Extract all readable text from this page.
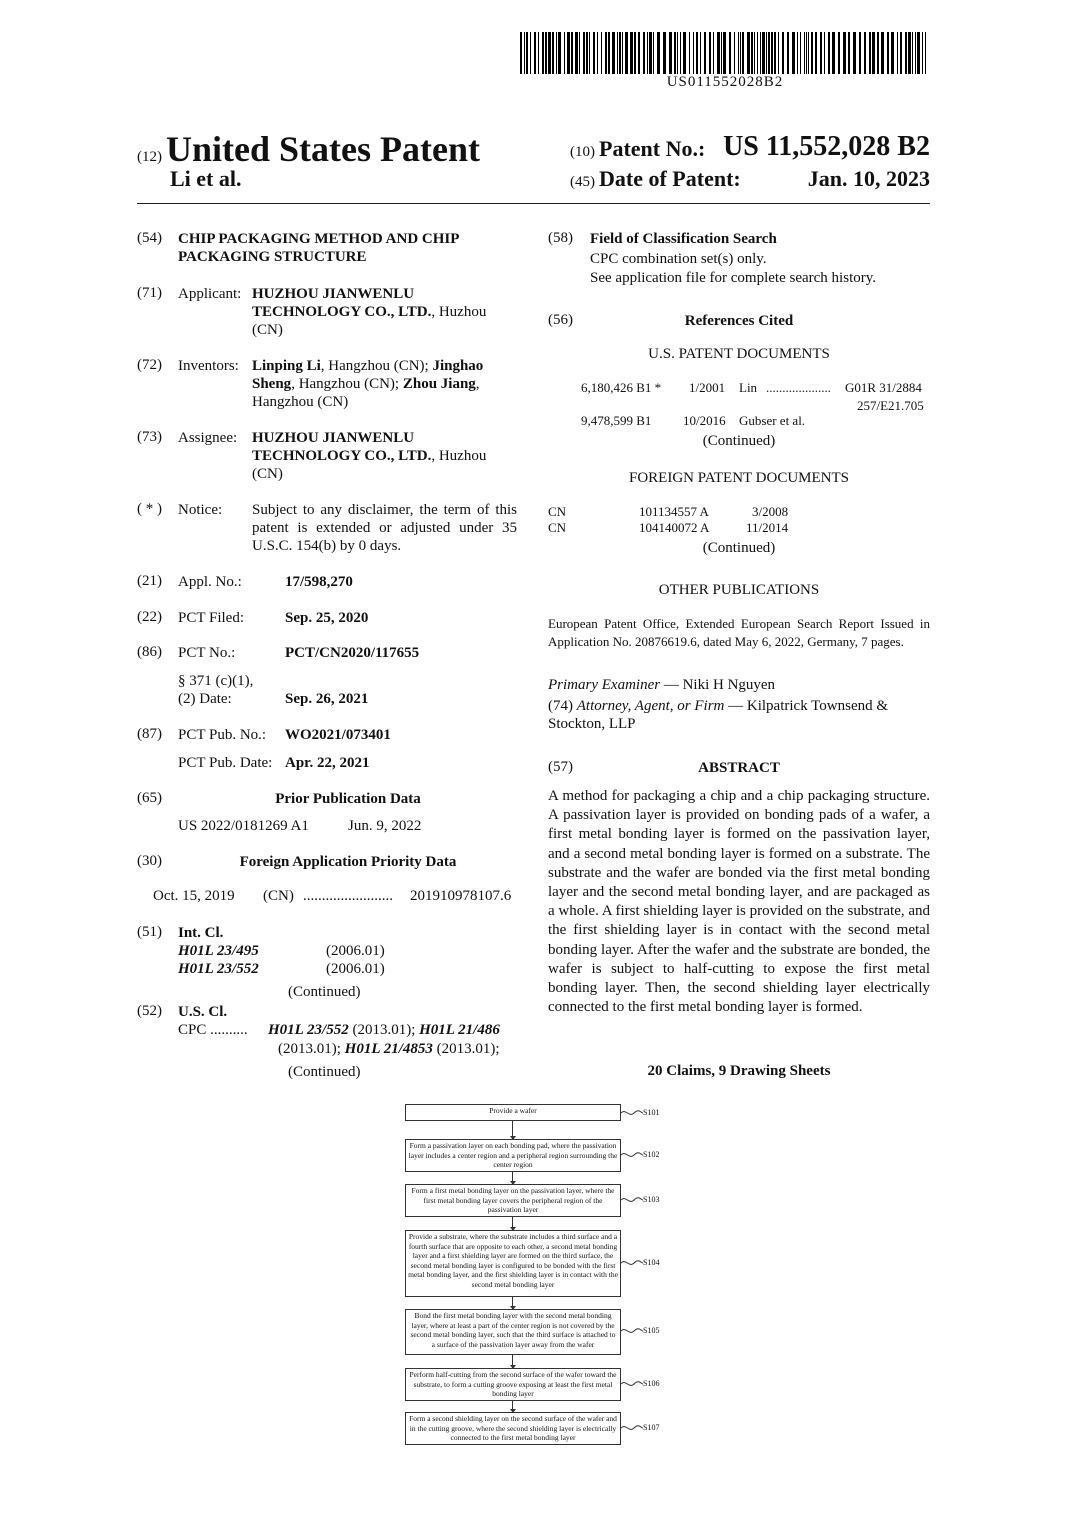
US011552028B2
(12) United States Patent
Li et al.
(10) Patent No.: US 11,552,028 B2
(45) Date of Patent:	Jan. 10, 2023
(54) CHIP PACKAGING METHOD AND CHIP PACKAGING STRUCTURE
(71) Applicant: HUZHOU JIANWENLU TECHNOLOGY CO., LTD., Huzhou (CN)
(72) Inventors: Linping Li, Hangzhou (CN); Jinghao Sheng, Hangzhou (CN); Zhou Jiang, Hangzhou (CN)
(73) Assignee: HUZHOU JIANWENLU TECHNOLOGY CO., LTD., Huzhou (CN)
( * ) Notice: Subject to any disclaimer, the term of this patent is extended or adjusted under 35 U.S.C. 154(b) by 0 days.
(21) Appl. No.:	17/598,270
(22) PCT Filed:	Sep. 25, 2020
(86) PCT No.:	PCT/CN2020/117655
§ 371 (c)(1),
(2) Date:	Sep. 26, 2021
(87) PCT Pub. No.: WO2021/073401
PCT Pub. Date: Apr. 22, 2021
(65)	Prior Publication Data
US 2022/0181269 A1	Jun. 9, 2022
(30)	Foreign Application Priority Data
Oct. 15, 2019 (CN) ........................ 201910978107.6
(51) Int. Cl.
H01L 23/495	(2006.01)
H01L 23/552	(2006.01)
(Continued)
(52) U.S. Cl.
CPC .......... H01L 23/552 (2013.01); H01L 21/486
(2013.01); H01L 21/4853 (2013.01);
(Continued)
(58) Field of Classification Search
CPC combination set(s) only.
See application file for complete search history.
(56)	References Cited
U.S. PATENT DOCUMENTS
6,180,426 B1 * 1/2001 Lin .................... G01R 31/2884
257/E21.705
9,478,599 B1 10/2016 Gubser et al.
(Continued)
FOREIGN PATENT DOCUMENTS
CN	101134557 A	3/2008
CN	104140072 A	11/2014
(Continued)
OTHER PUBLICATIONS
European Patent Office, Extended European Search Report Issued in Application No. 20876619.6, dated May 6, 2022, Germany, 7 pages.
Primary Examiner — Niki H Nguyen
(74) Attorney, Agent, or Firm — Kilpatrick Townsend & Stockton, LLP
(57)	ABSTRACT
A method for packaging a chip and a chip packaging structure. A passivation layer is provided on bonding pads of a wafer, a first metal bonding layer is formed on the passivation layer, and a second metal bonding layer is formed on a substrate. The substrate and the wafer are bonded via the first metal bonding layer and the second metal bonding layer, and are packaged as a whole. A first shielding layer is provided on the substrate, and the first shielding layer is in contact with the second metal bonding layer. After the wafer and the substrate are bonded, the wafer is subject to half-cutting to expose the first metal bonding layer. Then, the second shielding layer electrically connected to the first metal bonding layer is formed.
20 Claims, 9 Drawing Sheets
Provide a wafer	S101
Form a passivation layer on each bonding pad, where the passivation layer includes a center region and a peripheral region surrounding the center region
S102
Form a first metal bonding layer on the passivation layer, where the first metal bonding layer covers the peripheral region of the passivation layer
S103
Provide a substrate, where the substrate includes a third surface and a fourth surface that are opposite to each other, a second metal bonding layer and a first shielding layer are formed on the third surface, the second metal bonding layer is configured to be bonded with the first metal bonding layer, and the first shielding layer is in contact with the second metal bonding layer
S104
Bond the first metal bonding layer with the second metal bonding layer, where at least a part of the center region is not covered by the second metal bonding layer, such that the third surface is attached to a surface of the passivation layer away from the wafer
S105
Perform half-cutting from the second surface of the wafer toward the substrate, to form a cutting groove exposing at least the first metal bonding layer
S106
Form a second shielding layer on the second surface of the wafer and in the cutting groove, where the second shielding layer is electrically connected to the first metal bonding layer
S107
